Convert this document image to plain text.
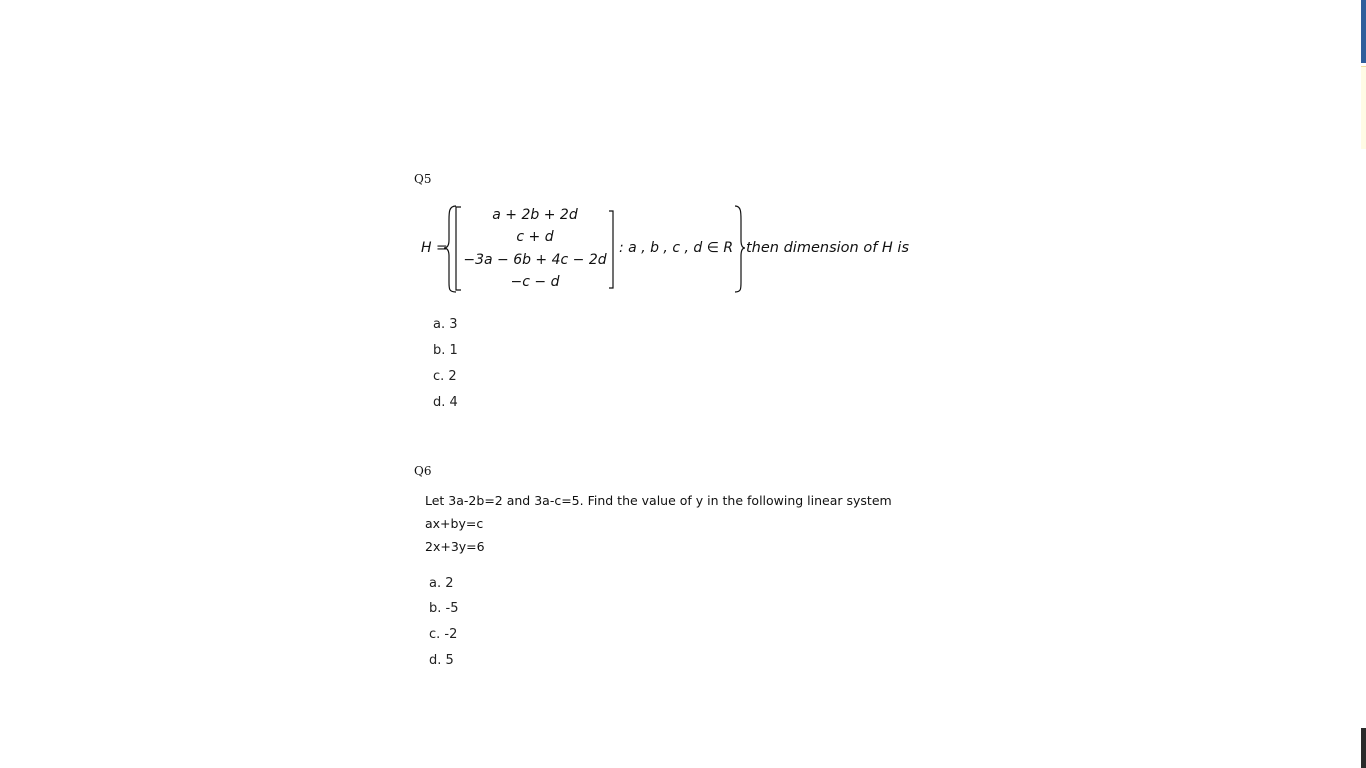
Q5
H =
a + 2b + 2d
c + d
−3a − 6b + 4c − 2d
−c − d
: a , b , c , d ∈ R then dimension of H is
a. 3
b. 1
c. 2
d. 4
Q6
Let 3a-2b=2 and 3a-c=5. Find the value of y in the following linear system
ax+by=c
2x+3y=6
a. 2
b. -5
c. -2
d. 5
